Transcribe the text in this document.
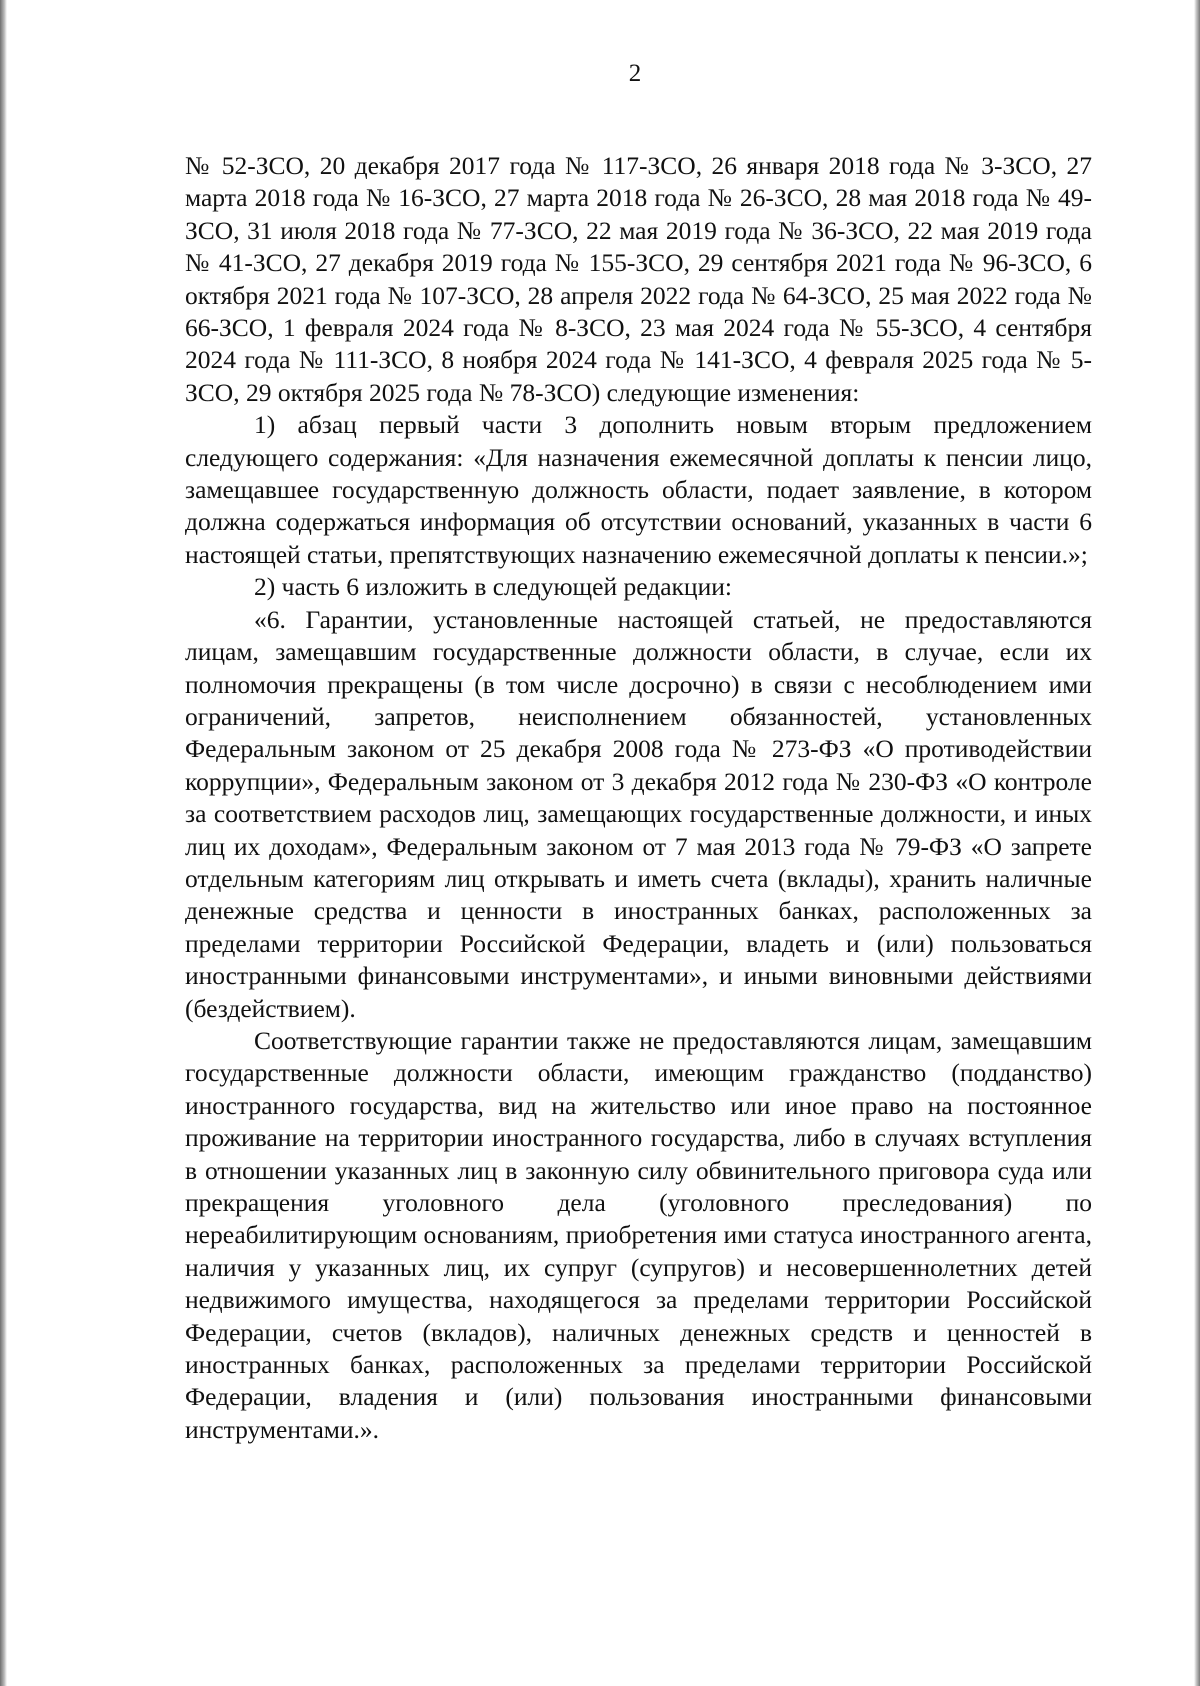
2

№ 52-ЗСО, 20 декабря 2017 года № 117-ЗСО, 26 января 2018 года № 3-ЗСО, 27 марта 2018 года № 16-ЗСО, 27 марта 2018 года № 26-ЗСО, 28 мая 2018 года № 49-ЗСО, 31 июля 2018 года № 77-ЗСО, 22 мая 2019 года № 36-ЗСО, 22 мая 2019 года № 41-ЗСО, 27 декабря 2019 года № 155-ЗСО, 29 сентября 2021 года № 96-ЗСО, 6 октября 2021 года № 107-ЗСО, 28 апреля 2022 года № 64-ЗСО, 25 мая 2022 года № 66-ЗСО, 1 февраля 2024 года № 8-ЗСО, 23 мая 2024 года № 55-ЗСО, 4 сентября 2024 года № 111-ЗСО, 8 ноября 2024 года № 141-ЗСО, 4 февраля 2025 года № 5-ЗСО, 29 октября 2025 года № 78-ЗСО) следующие изменения:

1) абзац первый части 3 дополнить новым вторым предложением следующего содержания: «Для назначения ежемесячной доплаты к пенсии лицо, замещавшее государственную должность области, подает заявление, в котором должна содержаться информация об отсутствии оснований, указанных в части 6 настоящей статьи, препятствующих назначению ежемесячной доплаты к пенсии.»;

2) часть 6 изложить в следующей редакции:

«6. Гарантии, установленные настоящей статьей, не предоставляются лицам, замещавшим государственные должности области, в случае, если их полномочия прекращены (в том числе досрочно) в связи с несоблюдением ими ограничений, запретов, неисполнением обязанностей, установленных Федеральным законом от 25 декабря 2008 года № 273-ФЗ «О противодействии коррупции», Федеральным законом от 3 декабря 2012 года № 230-ФЗ «О контроле за соответствием расходов лиц, замещающих государственные должности, и иных лиц их доходам», Федеральным законом от 7 мая 2013 года № 79-ФЗ «О запрете отдельным категориям лиц открывать и иметь счета (вклады), хранить наличные денежные средства и ценности в иностранных банках, расположенных за пределами территории Российской Федерации, владеть и (или) пользоваться иностранными финансовыми инструментами», и иными виновными действиями (бездействием).

Соответствующие гарантии также не предоставляются лицам, замещавшим государственные должности области, имеющим гражданство (подданство) иностранного государства, вид на жительство или иное право на постоянное проживание на территории иностранного государства, либо в случаях вступления в отношении указанных лиц в законную силу обвинительного приговора суда или прекращения уголовного дела (уголовного преследования) по нереабилитирующим основаниям, приобретения ими статуса иностранного агента, наличия у указанных лиц, их супруг (супругов) и несовершеннолетних детей недвижимого имущества, находящегося за пределами территории Российской Федерации, счетов (вкладов), наличных денежных средств и ценностей в иностранных банках, расположенных за пределами территории Российской Федерации, владения и (или) пользования иностранными финансовыми инструментами.».
